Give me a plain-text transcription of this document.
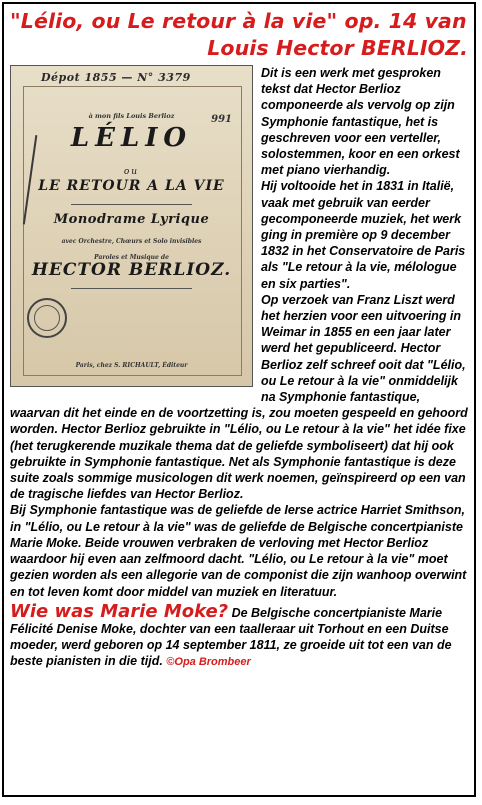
"Lélio, ou Le retour à la vie" op. 14 van
Louis Hector BERLIOZ.
Dépot 1855 — N° 3379
à mon fils Louis Berlioz	991
LÉLIO
ou
LE RETOUR A LA VIE
Monodrame Lyrique
avec Orchestre, Chœurs et Solo invisibles
Paroles et Musique de
HECTOR BERLIOZ.
Paris, chez S. RICHAULT, Éditeur

Dit is een werk met gesproken tekst dat Hector Berlioz componeerde als vervolg op zijn Symphonie fantastique, het is geschreven voor een verteller, solostemmen, koor en een orkest met piano vierhandig.

Hij voltooide het in 1831 in Italië, vaak met gebruik van eerder gecomponeerde muziek, het werk ging in première op 9 december 1832 in het Conservatoire de Paris als "Le retour à la vie, mélologue en six parties".

Op verzoek van Franz Liszt werd het herzien voor een uitvoering in Weimar in 1855 en een jaar later werd het gepubliceerd. Hector Berlioz zelf schreef ooit dat "Lélio, ou Le retour à la vie" onmiddelijk na Symphonie fantastique, waarvan dit het einde en de voortzetting is, zou moeten gespeeld en gehoord worden. Hector Berlioz gebruikte in "Lélio, ou Le retour à la vie" het idée fixe (het terugkerende muzikale thema dat de geliefde symboliseert) dat hij ook gebruikte in Symphonie fantastique. Net als Symphonie fantastique is deze suite zoals sommige musicologen dit werk noemen, geïnspireerd op een van de tragische liefdes van Hector Berlioz.

Bij Symphonie fantastique was de geliefde de Ierse actrice Harriet Smithson, in "Lélio, ou Le retour à la vie" was de geliefde de Belgische concertpianiste Marie Moke. Beide vrouwen verbraken de verloving met Hector Berlioz waardoor hij even aan zelfmoord dacht. "Lélio, ou Le retour à la vie" moet gezien worden als een allegorie van de componist die zijn wanhoop overwint en tot leven komt door middel van muziek en literatuur.

Wie was Marie Moke? De Belgische concertpianiste Marie Félicité Denise Moke, dochter van een taalleraar uit Torhout en een Duitse moeder, werd geboren op 14 september 1811, ze groeide uit tot een van de beste pianisten in die tijd. ©Opa Brombeer
